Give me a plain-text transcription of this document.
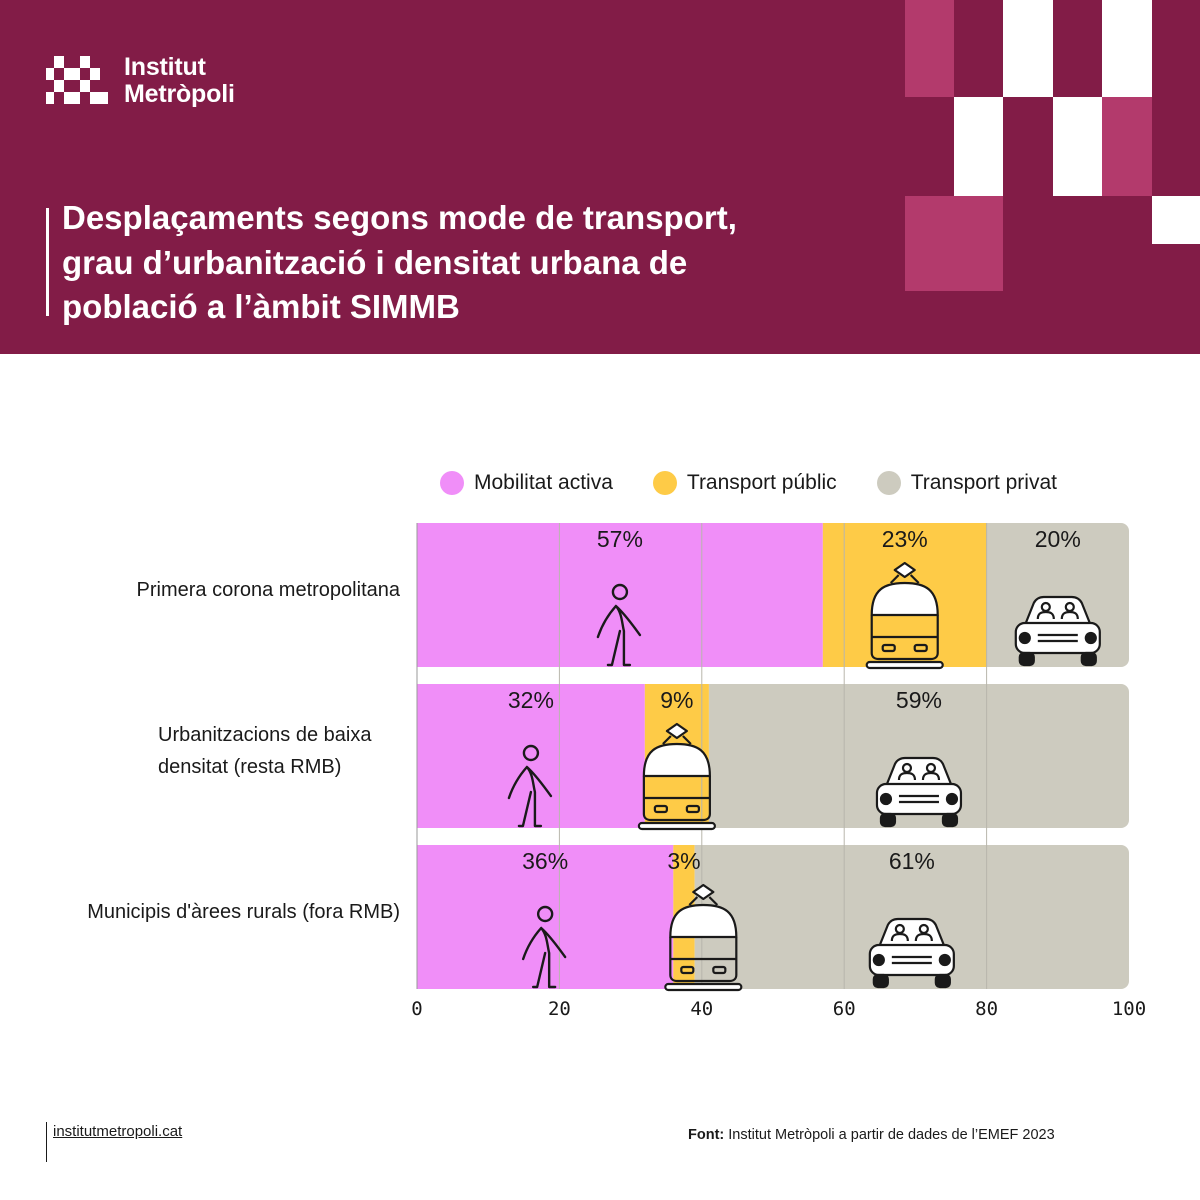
Institut
Metròpoli
Desplaçaments segons mode de transport,
grau d’urbanització i densitat urbana de
població a l’àmbit SIMMB
Mobilitat activa	Transport públic	Transport privat
57%	23%	20%
Primera corona metropolitana
32%	9%	59%
Urbanitzacions de baixa
densitat (resta RMB)
36%	3%	61%
Municipis d'àrees rurals (fora RMB)
0	20	40	60	80	100
institutmetropoli.cat	Font: Institut Metròpoli a partir de dades de l’EMEF 2023
